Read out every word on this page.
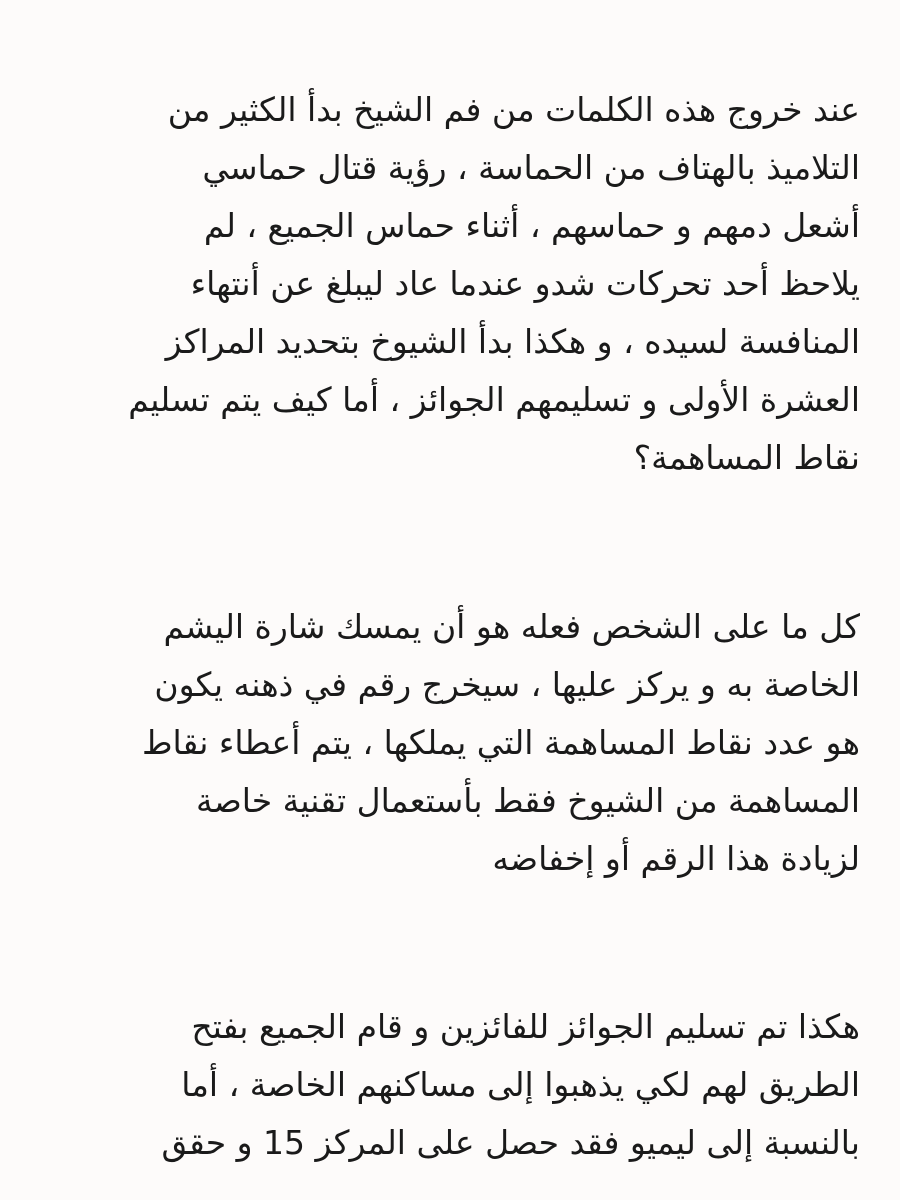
عند خروج هذه الكلمات من فم الشيخ بدأ الكثير من
التلاميذ بالهتاف من الحماسة ، رؤية قتال حماسي
أشعل دمهم و حماسهم ، أثناء حماس الجميع ، لم
يلاحظ أحد تحركات شدو عندما عاد ليبلغ عن أنتهاء
المنافسة لسيده ، و هكذا بدأ الشيوخ بتحديد المراكز
العشرة الأولى و تسليمهم الجوائز ، أما كيف يتم تسليم
نقاط المساهمة؟

كل ما على الشخص فعله هو أن يمسك شارة اليشم
الخاصة به و يركز عليها ، سيخرج رقم في ذهنه يكون
هو عدد نقاط المساهمة التي يملكها ، يتم أعطاء نقاط
المساهمة من الشيوخ فقط بأستعمال تقنية خاصة
لزيادة هذا الرقم أو إخفاضه

هكذا تم تسليم الجوائز للفائزين و قام الجميع بفتح
الطريق لهم لكي يذهبوا إلى مساكنهم الخاصة ، أما
بالنسبة إلى ليميو فقد حصل على المركز 15 و حقق
